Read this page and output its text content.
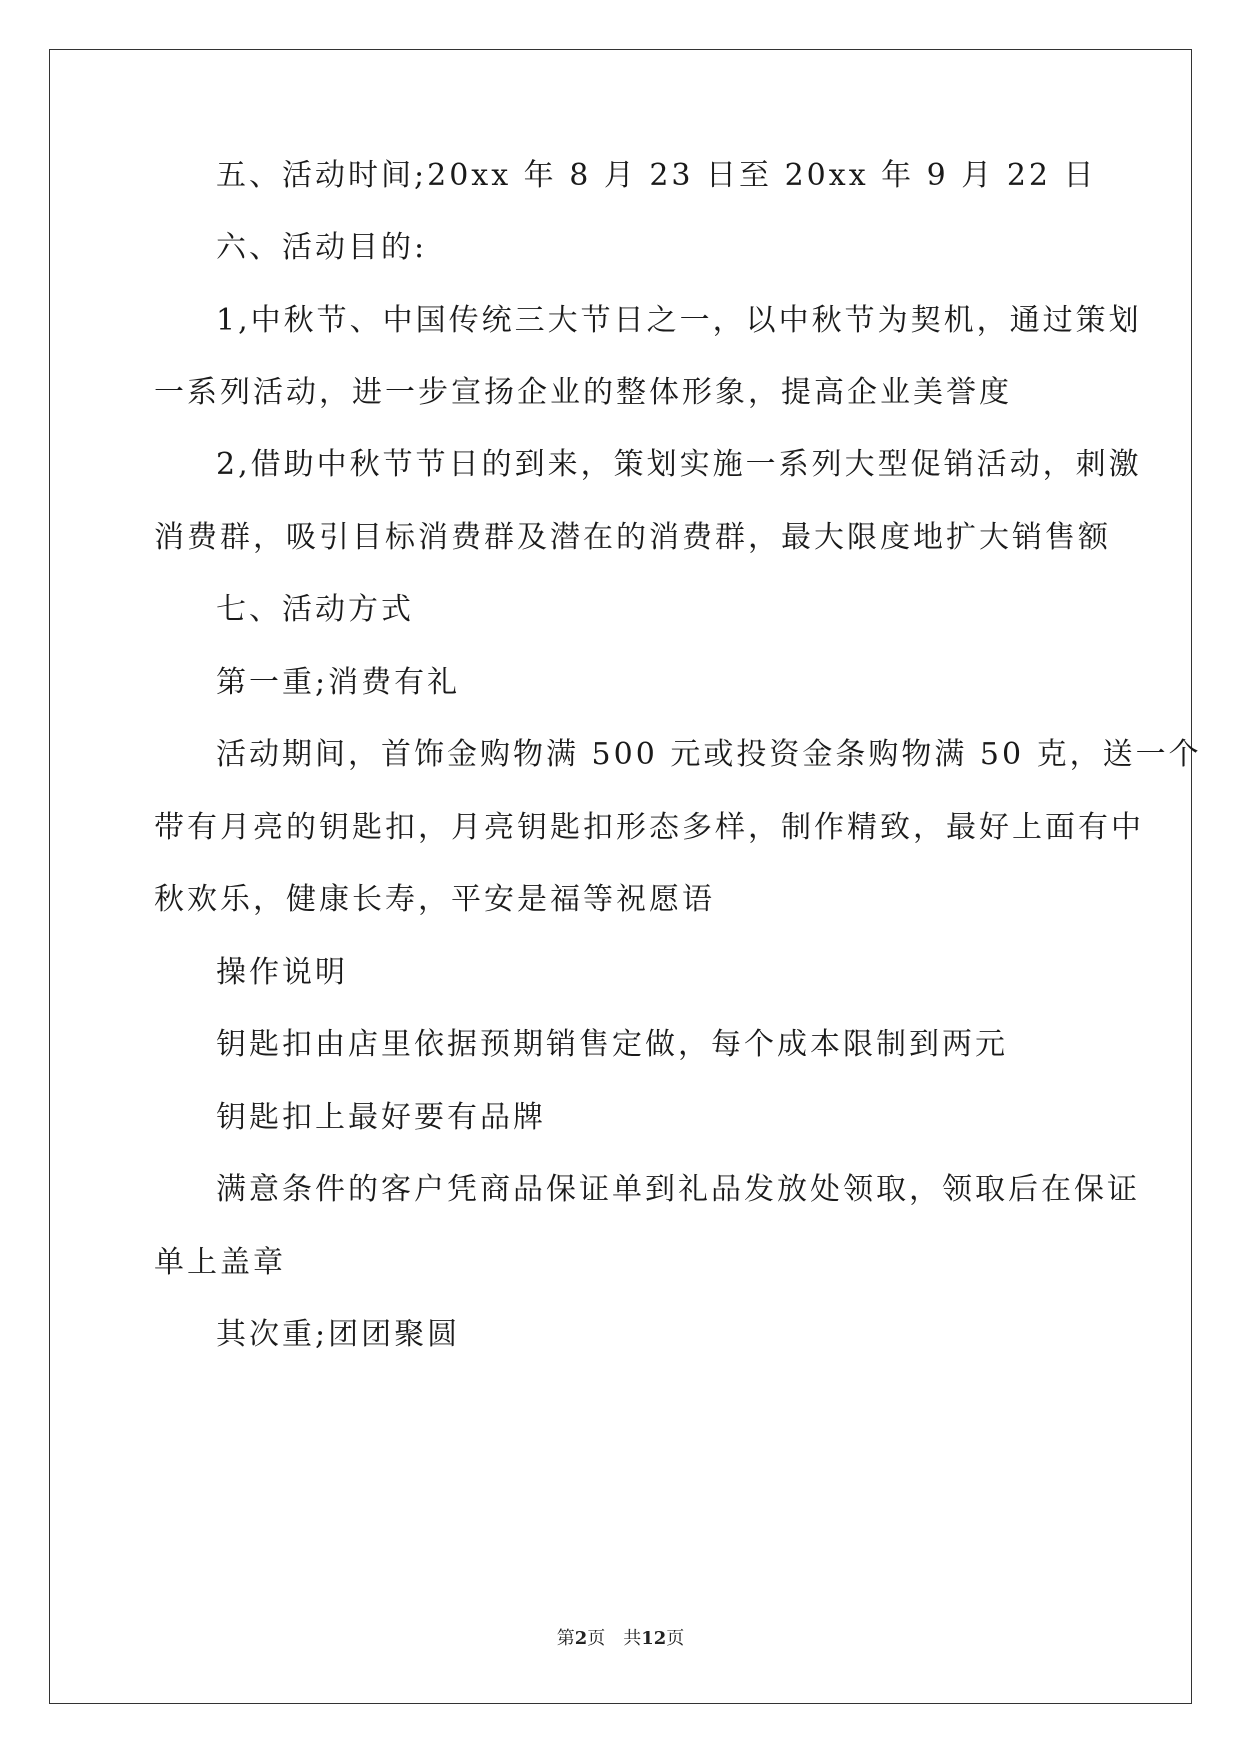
五、活动时间;20xx 年 8 月 23 日至 20xx 年 9 月 22 日
六、活动目的:
1,中秋节、中国传统三大节日之一，以中秋节为契机，通过策划
一系列活动，进一步宣扬企业的整体形象，提高企业美誉度
2,借助中秋节节日的到来，策划实施一系列大型促销活动，刺激
消费群，吸引目标消费群及潜在的消费群，最大限度地扩大销售额
七、活动方式
第一重;消费有礼
活动期间，首饰金购物满 500 元或投资金条购物满 50 克，送一个
带有月亮的钥匙扣，月亮钥匙扣形态多样，制作精致，最好上面有中
秋欢乐，健康长寿，平安是福等祝愿语
操作说明
钥匙扣由店里依据预期销售定做，每个成本限制到两元
钥匙扣上最好要有品牌
满意条件的客户凭商品保证单到礼品发放处领取，领取后在保证
单上盖章
其次重;团团聚圆
第2页 共12页
